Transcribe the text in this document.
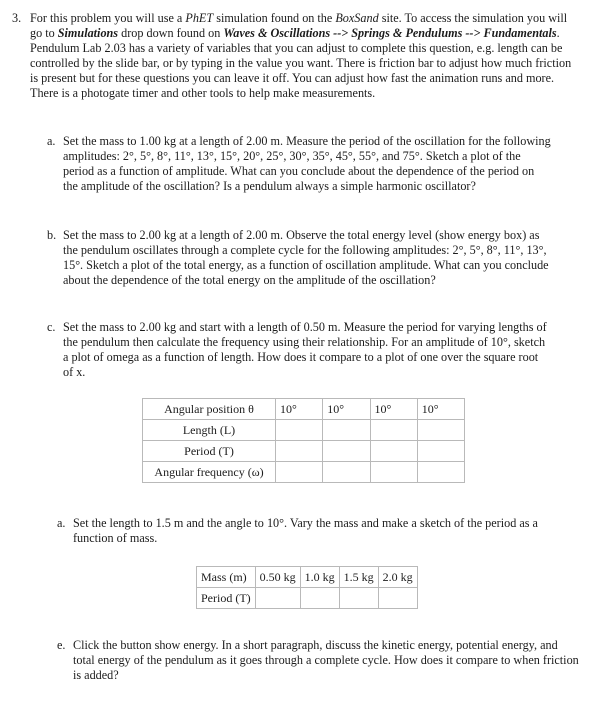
3. For this problem you will use a PhET simulation found on the BoxSand site. To access the simulation you will go to Simulations drop down found on Waves & Oscillations --> Springs & Pendulums --> Fundamentals. Pendulum Lab 2.03 has a variety of variables that you can adjust to complete this question, e.g. length can be controlled by the slide bar, or by typing in the value you want. There is friction bar to adjust how much friction is present but for these questions you can leave it off. You can adjust how fast the animation runs and more. There is a photogate timer and other tools to help make measurements.
a. Set the mass to 1.00 kg at a length of 2.00 m. Measure the period of the oscillation for the following amplitudes: 2°, 5°, 8°, 11°, 13°, 15°, 20°, 25°, 30°, 35°, 45°, 55°, and 75°. Sketch a plot of the period as a function of amplitude. What can you conclude about the dependence of the period on the amplitude of the oscillation? Is a pendulum always a simple harmonic oscillator?
b. Set the mass to 2.00 kg at a length of 2.00 m. Observe the total energy level (show energy box) as the pendulum oscillates through a complete cycle for the following amplitudes: 2°, 5°, 8°, 11°, 13°, 15°. Sketch a plot of the total energy, as a function of oscillation amplitude. What can you conclude about the dependence of the total energy on the amplitude of the oscillation?
c. Set the mass to 2.00 kg and start with a length of 0.50 m. Measure the period for varying lengths of the pendulum then calculate the frequency using their relationship. For an amplitude of 10°, sketch a plot of omega as a function of length. How does it compare to a plot of one over the square root of x.
Angular position θ	10°	10°	10°	10°
Length (L)				
Period (T)				
Angular frequency (ω)				
a. Set the length to 1.5 m and the angle to 10°. Vary the mass and make a sketch of the period as a function of mass.
Mass (m)	0.50 kg	1.0 kg	1.5 kg	2.0 kg
Period (T)				
e. Click the button show energy. In a short paragraph, discuss the kinetic energy, potential energy, and total energy of the pendulum as it goes through a complete cycle. How does it compare to when friction is added?
